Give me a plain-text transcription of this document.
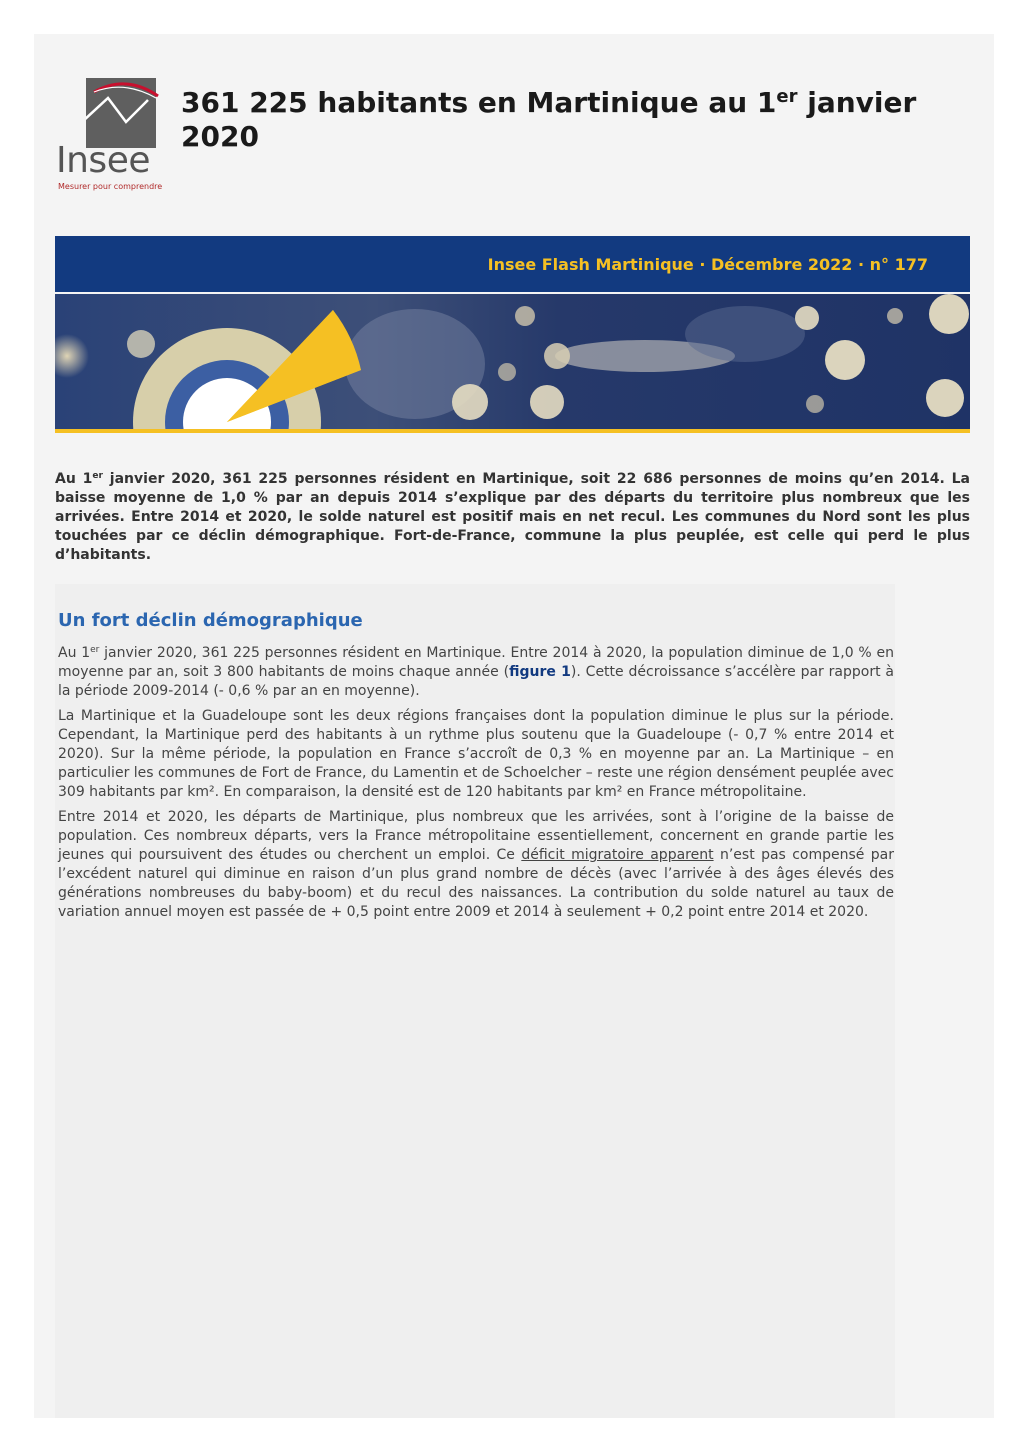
Insee
Mesurer pour comprendre
361 225 habitants en Martinique au 1er janvier 2020
Insee Flash Martinique · Décembre 2022 · n° 177

Au 1er janvier 2020, 361 225 personnes résident en Martinique, soit 22 686 personnes de moins qu’en 2014. La baisse moyenne de 1,0 % par an depuis 2014 s’explique par des départs du territoire plus nombreux que les arrivées. Entre 2014 et 2020, le solde naturel est positif mais en net recul. Les communes du Nord sont les plus touchées par ce déclin démographique. Fort-de-France, commune la plus peuplée, est celle qui perd le plus d’habitants.

Un fort déclin démographique

Au 1er janvier 2020, 361 225 personnes résident en Martinique. Entre 2014 à 2020, la population diminue de 1,0 % en moyenne par an, soit 3 800 habitants de moins chaque année (figure 1). Cette décroissance s’accélère par rapport à la période 2009-2014 (- 0,6 % par an en moyenne).

La Martinique et la Guadeloupe sont les deux régions françaises dont la population diminue le plus sur la période. Cependant, la Martinique perd des habitants à un rythme plus soutenu que la Guadeloupe (- 0,7 % entre 2014 et 2020). Sur la même période, la population en France s’accroît de 0,3 % en moyenne par an. La Martinique – en particulier les communes de Fort de France, du Lamentin et de Schoelcher – reste une région densément peuplée avec 309 habitants par km². En comparaison, la densité est de 120 habitants par km² en France métropolitaine.

Entre 2014 et 2020, les départs de Martinique, plus nombreux que les arrivées, sont à l’origine de la baisse de population. Ces nombreux départs, vers la France métropolitaine essentiellement, concernent en grande partie les jeunes qui poursuivent des études ou cherchent un emploi. Ce déficit migratoire apparent n’est pas compensé par l’excédent naturel qui diminue en raison d’un plus grand nombre de décès (avec l’arrivée à des âges élevés des générations nombreuses du baby-boom) et du recul des naissances. La contribution du solde naturel au taux de variation annuel moyen est passée de + 0,5 point entre 2009 et 2014 à seulement + 0,2 point entre 2014 et 2020.
